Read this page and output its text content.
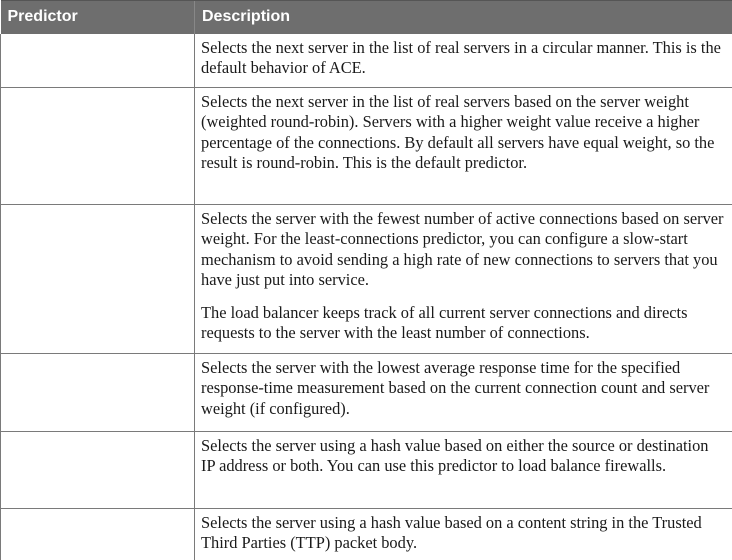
Predictor	Description

	Selects the next server in the list of real servers in a circular manner. This is the default behavior of ACE.

	Selects the next server in the list of real servers based on the server weight (weighted round-robin). Servers with a higher weight value receive a higher percentage of the connections. By default all servers have equal weight, so the result is round-robin. This is the default predictor.

	Selects the server with the fewest number of active connections based on server weight. For the least-connections predictor, you can configure a slow-start mechanism to avoid sending a high rate of new connections to servers that you have just put into service.

The load balancer keeps track of all current server connections and directs requests to the server with the least number of connections.

	Selects the server with the lowest average response time for the specified response-time measurement based on the current connection count and server weight (if configured).

	Selects the server using a hash value based on either the source or destination IP address or both. You can use this predictor to load balance firewalls.

	Selects the server using a hash value based on a content string in the Trusted Third Parties (TTP) packet body.
